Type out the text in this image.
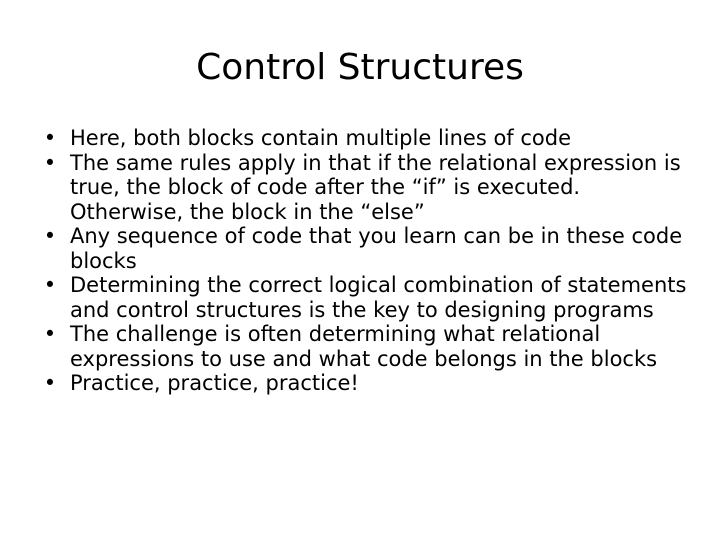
Control Structures
• Here, both blocks contain multiple lines of code
• The same rules apply in that if the relational expression is true, the block of code after the “if” is executed. Otherwise, the block in the “else”
• Any sequence of code that you learn can be in these code blocks
• Determining the correct logical combination of statements and control structures is the key to designing programs
• The challenge is often determining what relational expressions to use and what code belongs in the blocks
• Practice, practice, practice!
